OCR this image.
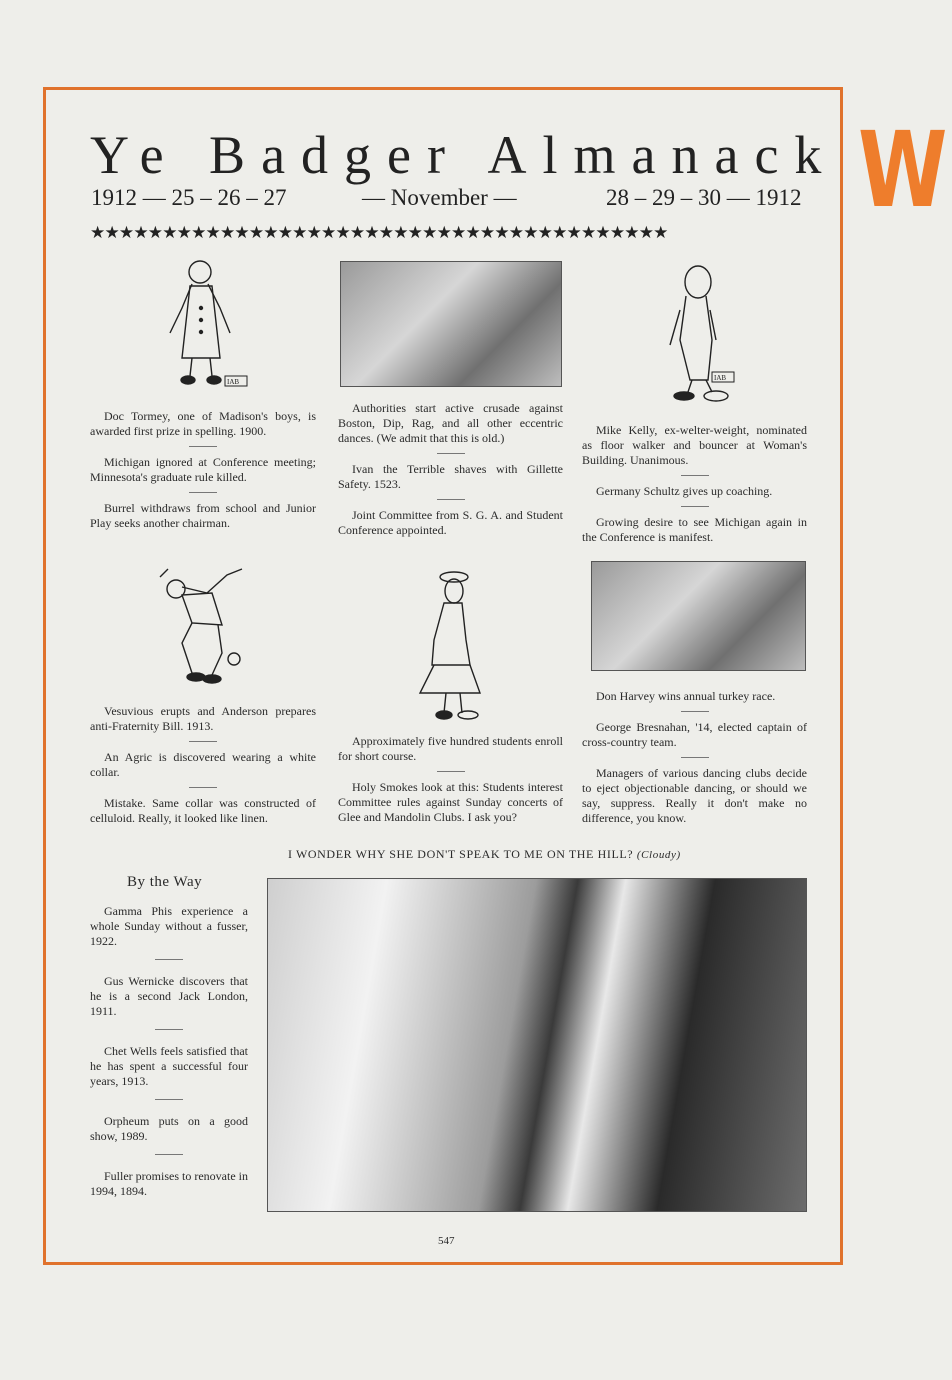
W
Ye Badger Almanack
1912 — 25 – 26 – 27	— November —	28 – 29 – 30 — 1912
★★★★★★★★★★★★★★★★★★★★★★★★★★★★★★★★★★★★★★★★
IAB	IAB

Doc Tormey, one of Madison's boys, is awarded first prize in spelling. 1900.

Michigan ignored at Conference meeting; Minnesota's graduate rule killed.

Burrel withdraws from school and Junior Play seeks another chairman.

Authorities start active crusade against Boston, Dip, Rag, and all other eccentric dances. (We admit that this is old.)

Ivan the Terrible shaves with Gillette Safety. 1523.

Joint Committee from S. G. A. and Student Conference appointed.

Mike Kelly, ex-welter-weight, nominated as floor walker and bouncer at Woman's Building. Unanimous.

Germany Schultz gives up coaching.

Growing desire to see Michigan again in the Conference is manifest.

Vesuvious erupts and Anderson prepares anti-Fraternity Bill. 1913.

An Agric is discovered wearing a white collar.

Mistake. Same collar was constructed of celluloid. Really, it looked like linen.

Approximately five hundred students enroll for short course.

Holy Smokes look at this: Students interest Committee rules against Sunday concerts of Glee and Mandolin Clubs. I ask you?

Don Harvey wins annual turkey race.

George Bresnahan, '14, elected captain of cross-country team.

Managers of various dancing clubs decide to eject objectionable dancing, or should we say, suppress. Really it don't make no difference, you know.

I WONDER WHY SHE DON'T SPEAK TO ME ON THE HILL? (Cloudy)
By the Way

Gamma Phis experience a whole Sunday without a fusser, 1922.

Gus Wernicke discovers that he is a second Jack London, 1911.

Chet Wells feels satisfied that he has spent a successful four years, 1913.

Orpheum puts on a good show, 1989.

Fuller promises to renovate in 1994, 1894.

547
